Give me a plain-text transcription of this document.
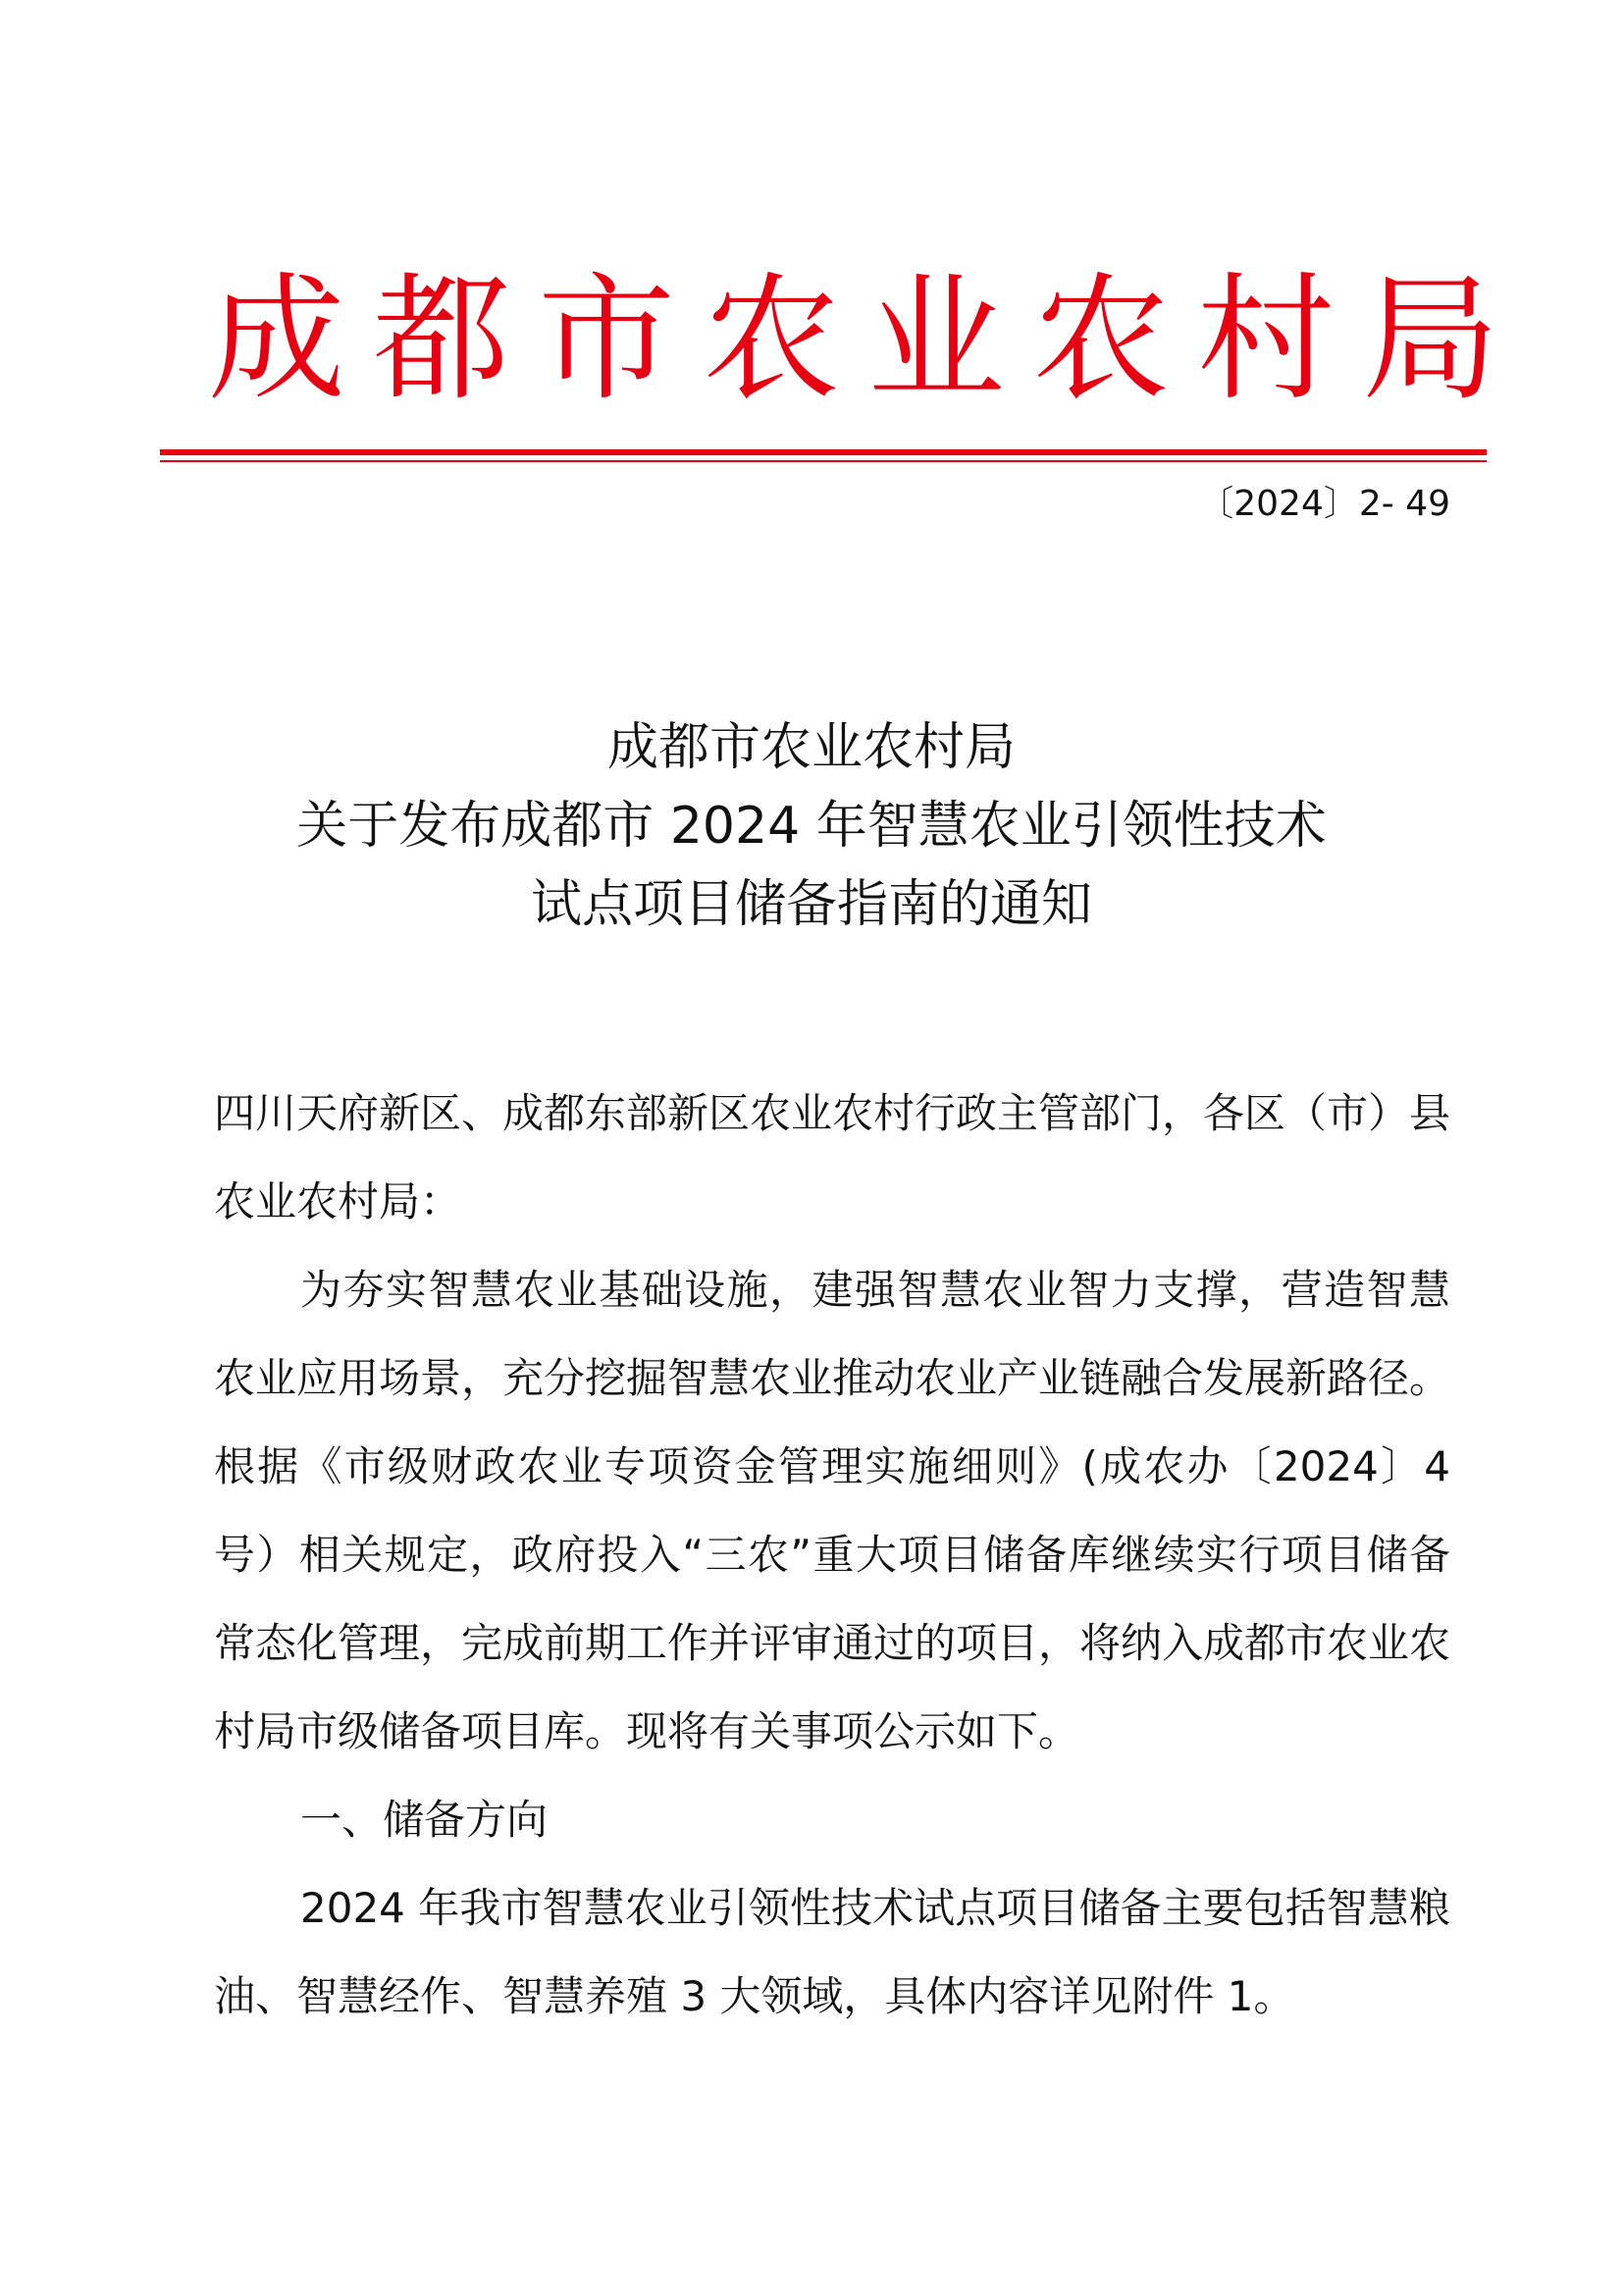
成都市农业农村局
〔2024〕2- 49
成都市农业农村局
关于发布成都市 2024 年智慧农业引领性技术
试点项目储备指南的通知

四川天府新区、成都东部新区农业农村行政主管部门，各区（市）县农业农村局：

为夯实智慧农业基础设施，建强智慧农业智力支撑，营造智慧农业应用场景，充分挖掘智慧农业推动农业产业链融合发展新路径。根据《市级财政农业专项资金管理实施细则》(成农办〔2024〕4 号）相关规定，政府投入“三农”重大项目储备库继续实行项目储备常态化管理，完成前期工作并评审通过的项目，将纳入成都市农业农村局市级储备项目库。现将有关事项公示如下。

一、储备方向

2024 年我市智慧农业引领性技术试点项目储备主要包括智慧粮油、智慧经作、智慧养殖 3 大领域，具体内容详见附件 1。
